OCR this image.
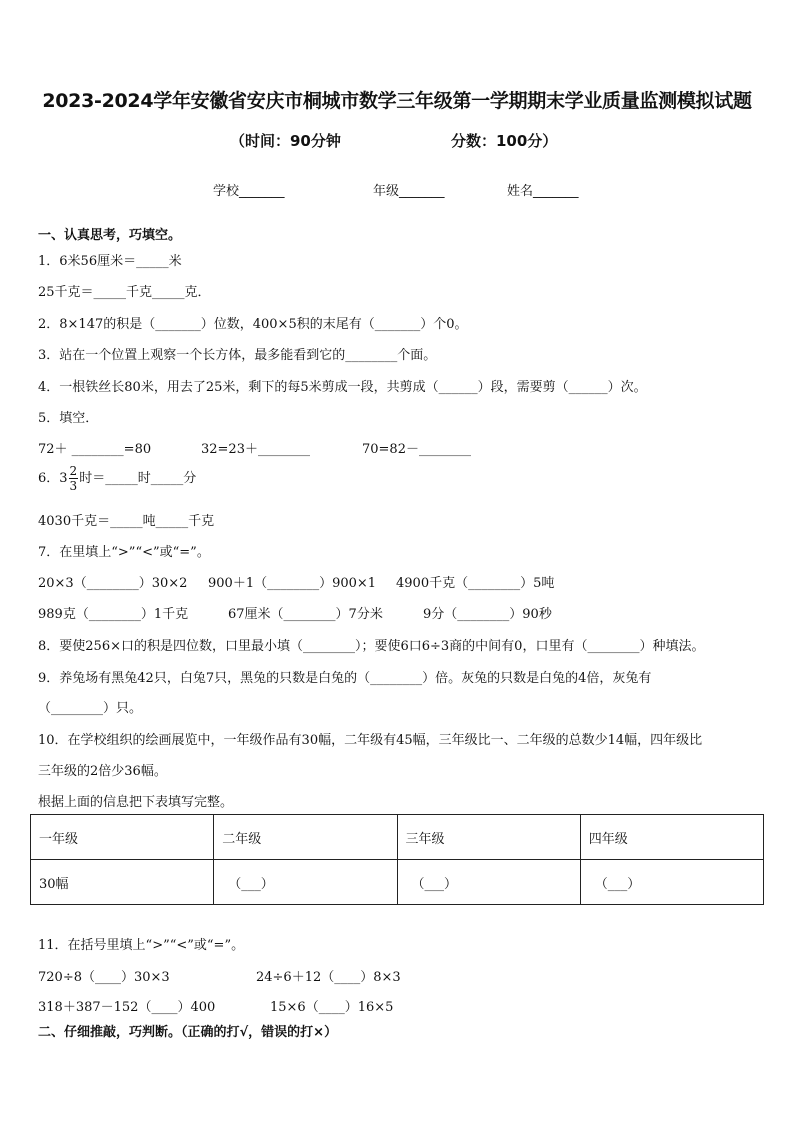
2023-2024学年安徽省安庆市桐城市数学三年级第一学期期末学业质量监测模拟试题
（时间：90分钟	分数：100分）
学校_______	年级_______	姓名_______
一、认真思考，巧填空。
1．6米56厘米＝_____米
25千克＝_____千克_____克．
2．8×147的积是（_______）位数，400×5积的末尾有（_______）个0。
3．站在一个位置上观察一个长方体，最多能看到它的________个面。
4．一根铁丝长80米，用去了25米，剩下的每5米剪成一段，共剪成（______）段，需要剪（______）次。
5．填空．
72＋ ________=80	32=23＋________	70=82－________
6．$3 \frac{2}{3}$ 时＝_____时_____分
4030千克＝_____吨_____千克
7．在里填上“>”“<”或“=”。
20×3（________）30×2 900＋1（________）900×1 4900千克（________）5吨
989克（________）1千克	67厘米（________）7分米	9分（________）90秒
8．要使256×口的积是四位数，口里最小填（________）；要使6口6÷3商的中间有0，口里有（________）种填法。
9．养兔场有黑兔42只，白兔7只，黑兔的只数是白兔的（________）倍。灰兔的只数是白兔的4倍，灰兔有
（________）只。
10．在学校组织的绘画展览中，一年级作品有30幅，二年级有45幅，三年级比一、二年级的总数少14幅，四年级比
三年级的2倍少36幅。
根据上面的信息把下表填写完整。
一年级	二年级	三年级	四年级
30幅	（___）	（___）	（___）
11．在括号里填上“>”“<”或“=”。
720÷8（____）30×3	24÷6＋12（____）8×3
318＋387－152（____）400	15×6（____）16×5
二、仔细推敲，巧判断。（正确的打√，错误的打×）
